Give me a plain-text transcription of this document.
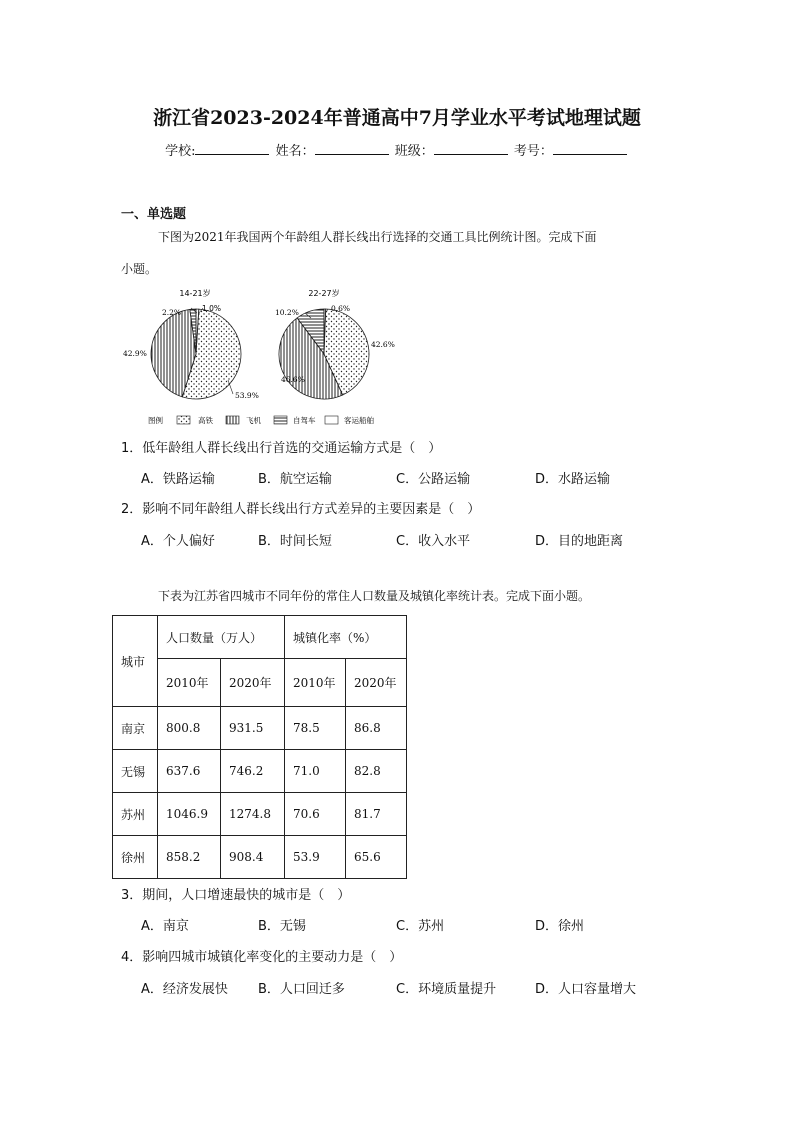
浙江省2023-2024年普通高中7月学业水平考试地理试题
学校:	姓名：	班级：	考号：
一、单选题
下图为2021年我国两个年龄组人群长线出行选择的交通工具比例统计图。完成下面
小题。
14-21岁	22-27岁
1.0%
2.2%
42.9%
53.9%
0.6%
10.2%
46.6%
42.6%
图例	高铁	飞机	自驾车	客运船舶
1．低年龄组人群长线出行首选的交通运输方式是（　）
A．铁路运输	B．航空运输	C．公路运输	D．水路运输
2．影响不同年龄组人群长线出行方式差异的主要因素是（　）
A．个人偏好	B．时间长短	C．收入水平	D．目的地距离
下表为江苏省四城市不同年份的常住人口数量及城镇化率统计表。完成下面小题。
城市	人口数量（万人）		城镇化率（%）	
	2010年	2020年	2010年	2020年
南京	800.8	931.5	78.5	86.8
无锡	637.6	746.2	71.0	82.8
苏州	1046.9	1274.8	70.6	81.7
徐州	858.2	908.4	53.9	65.6
3．期间，人口增速最快的城市是（　）
A．南京	B．无锡	C．苏州	D．徐州
4．影响四城市城镇化率变化的主要动力是（　）
A．经济发展快 B．人口回迁多	C．环境质量提升	D．人口容量增大
